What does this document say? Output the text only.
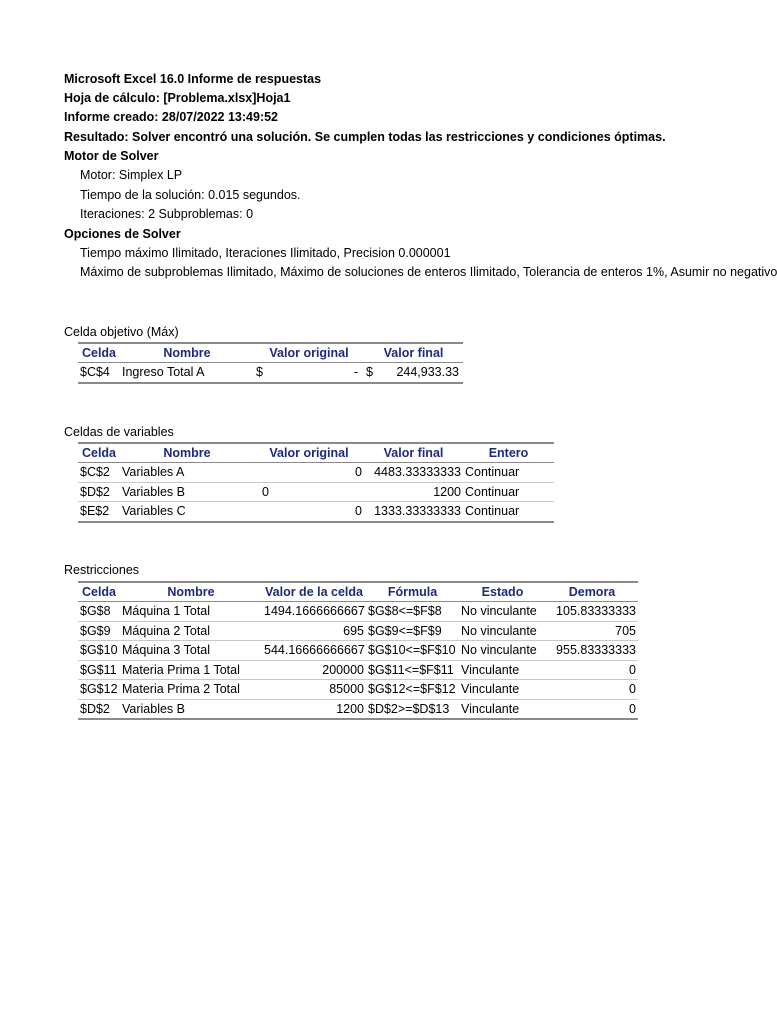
Microsoft Excel 16.0 Informe de respuestas
Hoja de cálculo: [Problema.xlsx]Hoja1
Informe creado: 28/07/2022 13:49:52
Resultado: Solver encontró una solución. Se cumplen todas las restricciones y condiciones óptimas.
Motor de Solver
Motor: Simplex LP
Tiempo de la solución: 0.015 segundos.
Iteraciones: 2 Subproblemas: 0
Opciones de Solver
Tiempo máximo Ilimitado, Iteraciones Ilimitado, Precision 0.000001
Máximo de subproblemas Ilimitado, Máximo de soluciones de enteros Ilimitado, Tolerancia de enteros 1%, Asumir no negativo
Celda objetivo (Máx)
Celda	Nombre	Valor original	Valor final
$C$4	Ingreso Total A	$ -	$ 244,933.33
Celdas de variables
Celda	Nombre	Valor original	Valor final	Entero
$C$2	Variables A	0	4483.33333333	Continuar
$D$2	Variables B	0	1200	Continuar
$E$2	Variables C	0	1333.33333333	Continuar
Restricciones
Celda	Nombre	Valor de la celda	Fórmula	Estado	Demora
$G$8	Máquina 1 Total	1494.1666666667	$G$8<=$F$8	No vinculante	105.83333333
$G$9	Máquina 2 Total	695	$G$9<=$F$9	No vinculante	705
$G$10	Máquina 3 Total	544.16666666667	$G$10<=$F$10	No vinculante	955.83333333
$G$11	Materia Prima 1 Total	200000	$G$11<=$F$11	Vinculante	0
$G$12	Materia Prima 2 Total	85000	$G$12<=$F$12	Vinculante	0
$D$2	Variables B	1200	$D$2>=$D$13	Vinculante	0
